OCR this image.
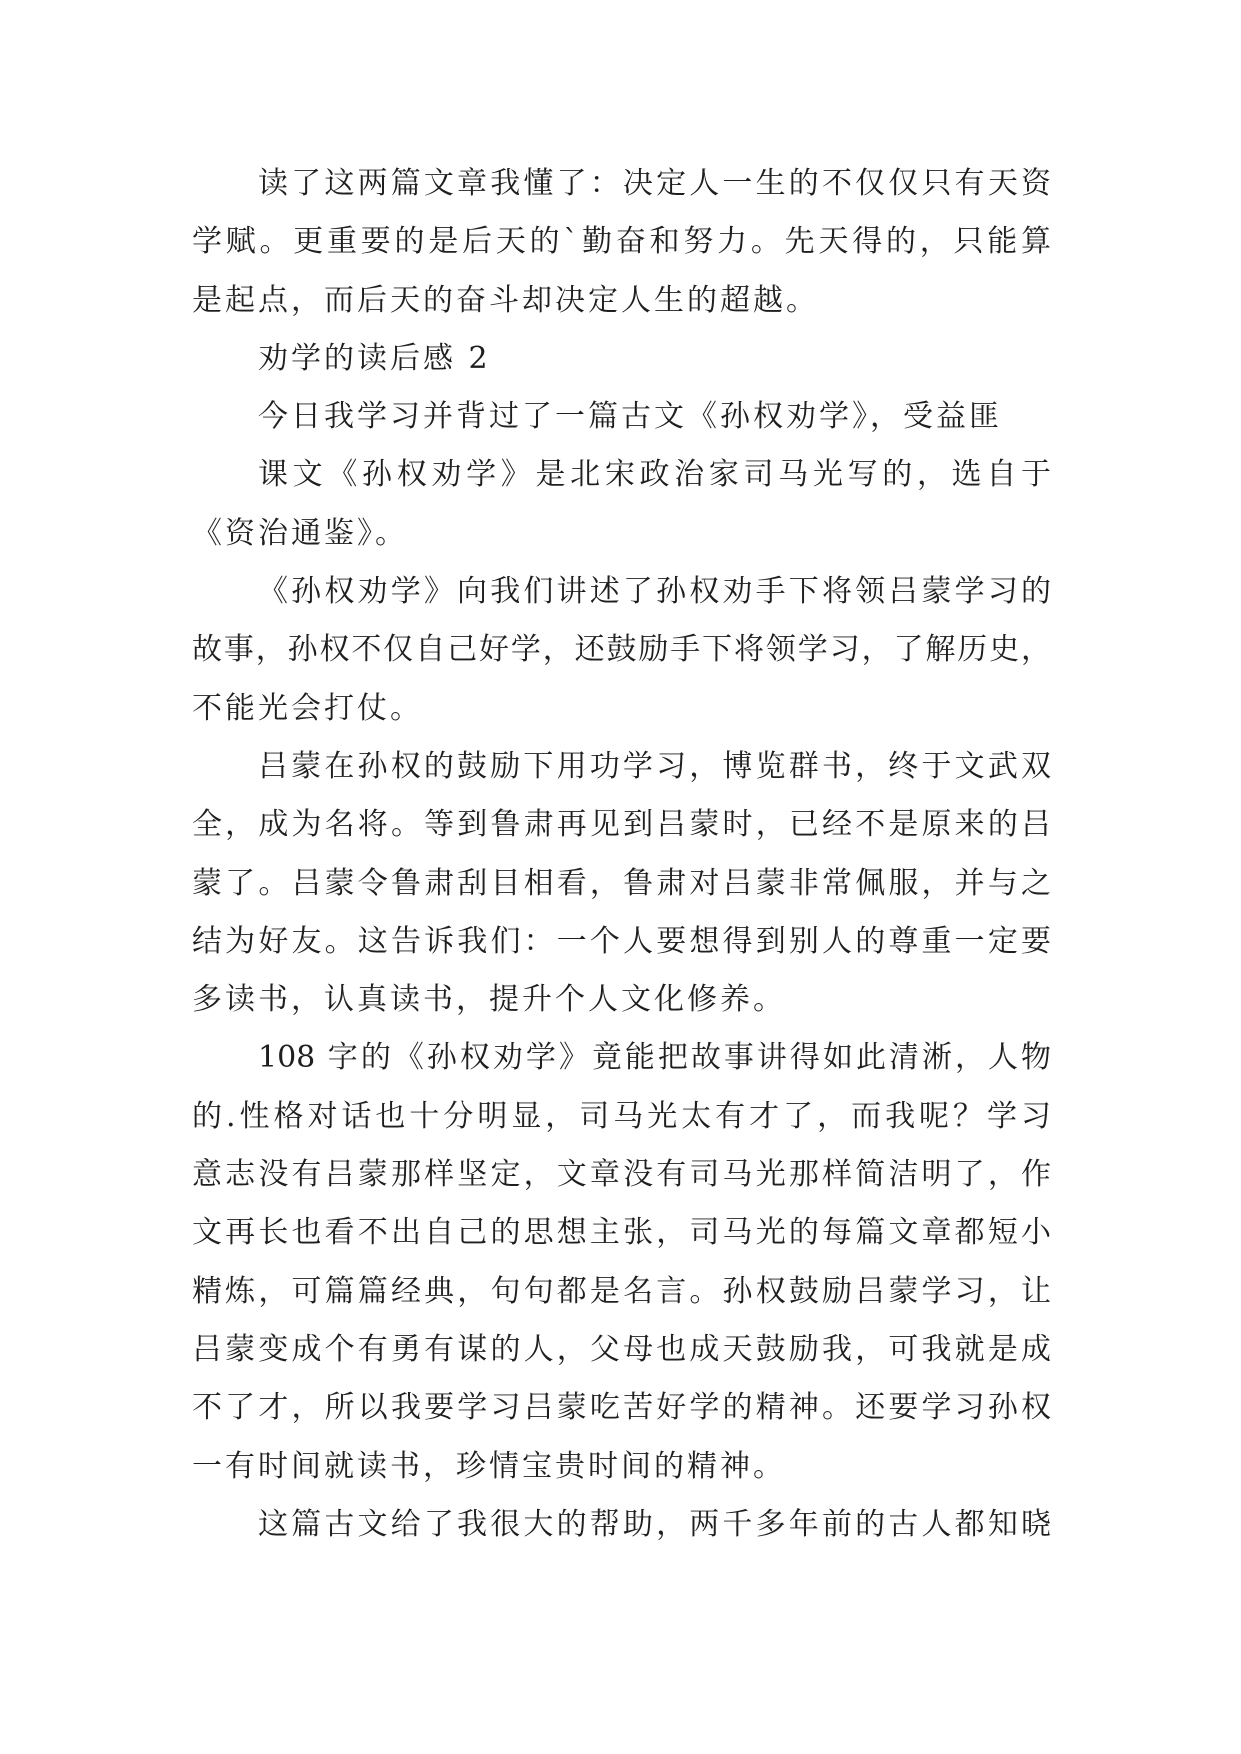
读了这两篇文章我懂了：决定人一生的不仅仅只有天资
学赋。更重要的是后天的`勤奋和努力。先天得的，只能算
是起点，而后天的奋斗却决定人生的超越。
劝学的读后感 2
今日我学习并背过了一篇古文《孙权劝学》，受益匪
课文《孙权劝学》是北宋政治家司马光写的，选自于
《资治通鉴》。
《孙权劝学》向我们讲述了孙权劝手下将领吕蒙学习的
故事，孙权不仅自己好学，还鼓励手下将领学习，了解历史，
不能光会打仗。
吕蒙在孙权的鼓励下用功学习，博览群书，终于文武双
全，成为名将。等到鲁肃再见到吕蒙时，已经不是原来的吕
蒙了。吕蒙令鲁肃刮目相看，鲁肃对吕蒙非常佩服，并与之
结为好友。这告诉我们：一个人要想得到别人的尊重一定要
多读书，认真读书，提升个人文化修养。
108 字的《孙权劝学》竟能把故事讲得如此清淅，人物
的.性格对话也十分明显，司马光太有才了，而我呢？学习
意志没有吕蒙那样坚定，文章没有司马光那样简洁明了，作
文再长也看不出自己的思想主张，司马光的每篇文章都短小
精炼，可篇篇经典，句句都是名言。孙权鼓励吕蒙学习，让
吕蒙变成个有勇有谋的人，父母也成天鼓励我，可我就是成
不了才，所以我要学习吕蒙吃苦好学的精神。还要学习孙权
一有时间就读书，珍情宝贵时间的精神。
这篇古文给了我很大的帮助，两千多年前的古人都知晓
